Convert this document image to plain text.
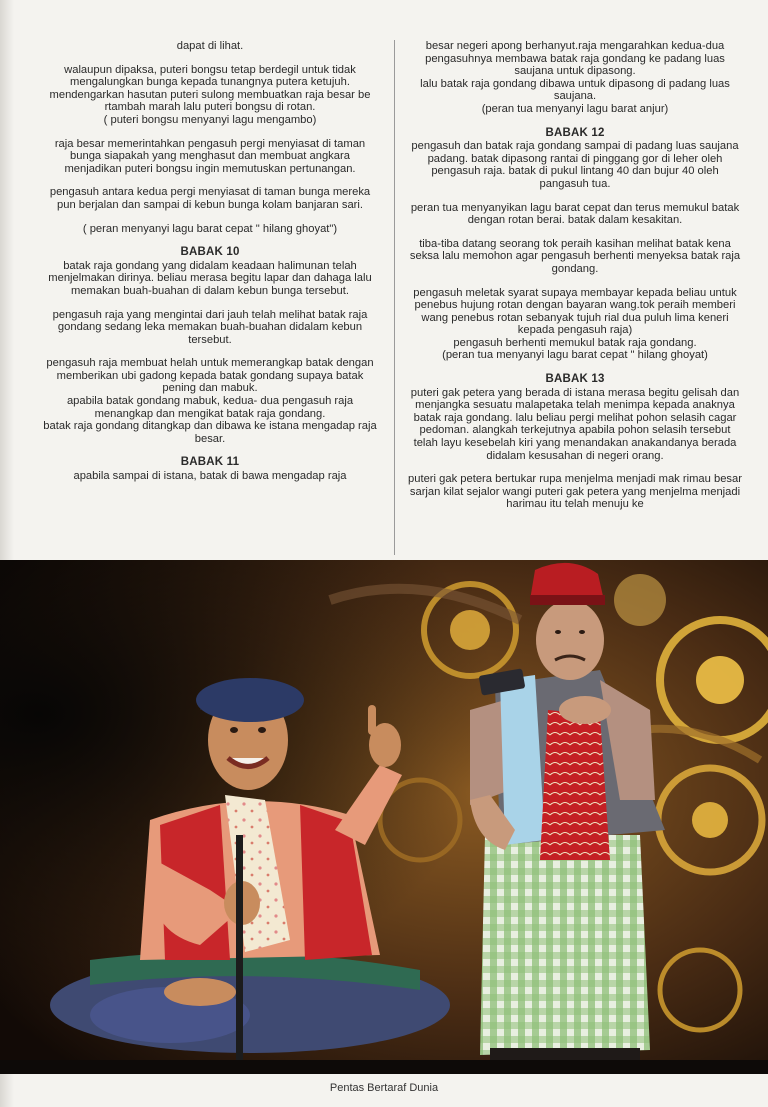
dapat di lihat.

walaupun dipaksa, puteri bongsu tetap berdegil untuk tidak mengalungkan bunga kepada tunangnya putera ketujuh. mendengarkan hasutan puteri sulong membuatkan raja besar be rtambah marah lalu puteri bongsu di rotan.
( puteri bongsu menyanyi lagu mengambo)

raja besar memerintahkan pengasuh pergi menyiasat di taman bunga siapakah yang menghasut dan membuat angkara menjadikan puteri bongsu ingin memutuskan pertunangan.

pengasuh antara kedua pergi menyiasat di taman bunga mereka pun berjalan dan sampai di kebun bunga kolam banjaran sari.

( peran menyanyi lagu barat cepat " hilang ghoyat")

BABAK 10

batak raja gondang yang didalam keadaan halimunan telah menjelmakan dirinya. beliau merasa begitu lapar dan dahaga lalu memakan buah-buahan di dalam kebun bunga tersebut.

pengasuh raja yang mengintai dari jauh telah melihat batak raja gondang sedang leka memakan buah-buahan didalam kebun tersebut.

pengasuh raja membuat helah untuk memerangkap batak dengan memberikan ubi gadong kepada batak gondang supaya batak pening dan mabuk.
apabila batak gondang mabuk, kedua- dua pengasuh raja menangkap dan mengikat batak raja gondang.
batak raja gondang ditangkap dan dibawa ke istana mengadap raja besar.

BABAK 11

apabila sampai di istana, batak di bawa mengadap raja

besar negeri apong berhanyut.raja mengarahkan kedua-dua pengasuhnya membawa batak raja gondang ke padang luas saujana untuk dipasong.
lalu batak raja gondang dibawa untuk dipasong di padang luas saujana.
(peran tua menyanyi lagu barat anjur)

BABAK 12

pengasuh dan batak raja gondang sampai di padang luas saujana padang. batak dipasong rantai di pinggang gor di leher oleh pengasuh raja. batak di pukul lintang 40 dan bujur 40 oleh pangasuh tua.

peran tua menyanyikan lagu barat cepat dan terus memukul batak dengan rotan berai. batak dalam kesakitan.

tiba-tiba datang seorang tok peraih kasihan melihat batak kena seksa lalu memohon agar pengasuh berhenti menyeksa batak raja gondang.

pengasuh meletak syarat supaya membayar kepada beliau untuk penebus hujung rotan dengan bayaran wang.tok peraih memberi wang penebus rotan sebanyak tujuh rial dua puluh lima keneri kepada pengasuh raja)
pengasuh berhenti memukul batak raja gondang.
(peran tua menyanyi lagu barat cepat " hilang ghoyat)

BABAK 13

puteri gak petera yang berada di istana merasa begitu gelisah dan menjangka sesuatu malapetaka telah menimpa kepada anaknya batak raja gondang. lalu beliau pergi melihat pohon selasih cagar pedoman. alangkah terkejutnya apabila pohon selasih tersebut telah layu kesebelah kiri yang menandakan anakandanya berada didalam kesusahan di negeri orang.

puteri gak petera bertukar rupa menjelma menjadi mak rimau besar sarjan kilat sejalor wangi puteri gak petera yang menjelma menjadi harimau itu telah menuju ke

Pentas Bertaraf Dunia
